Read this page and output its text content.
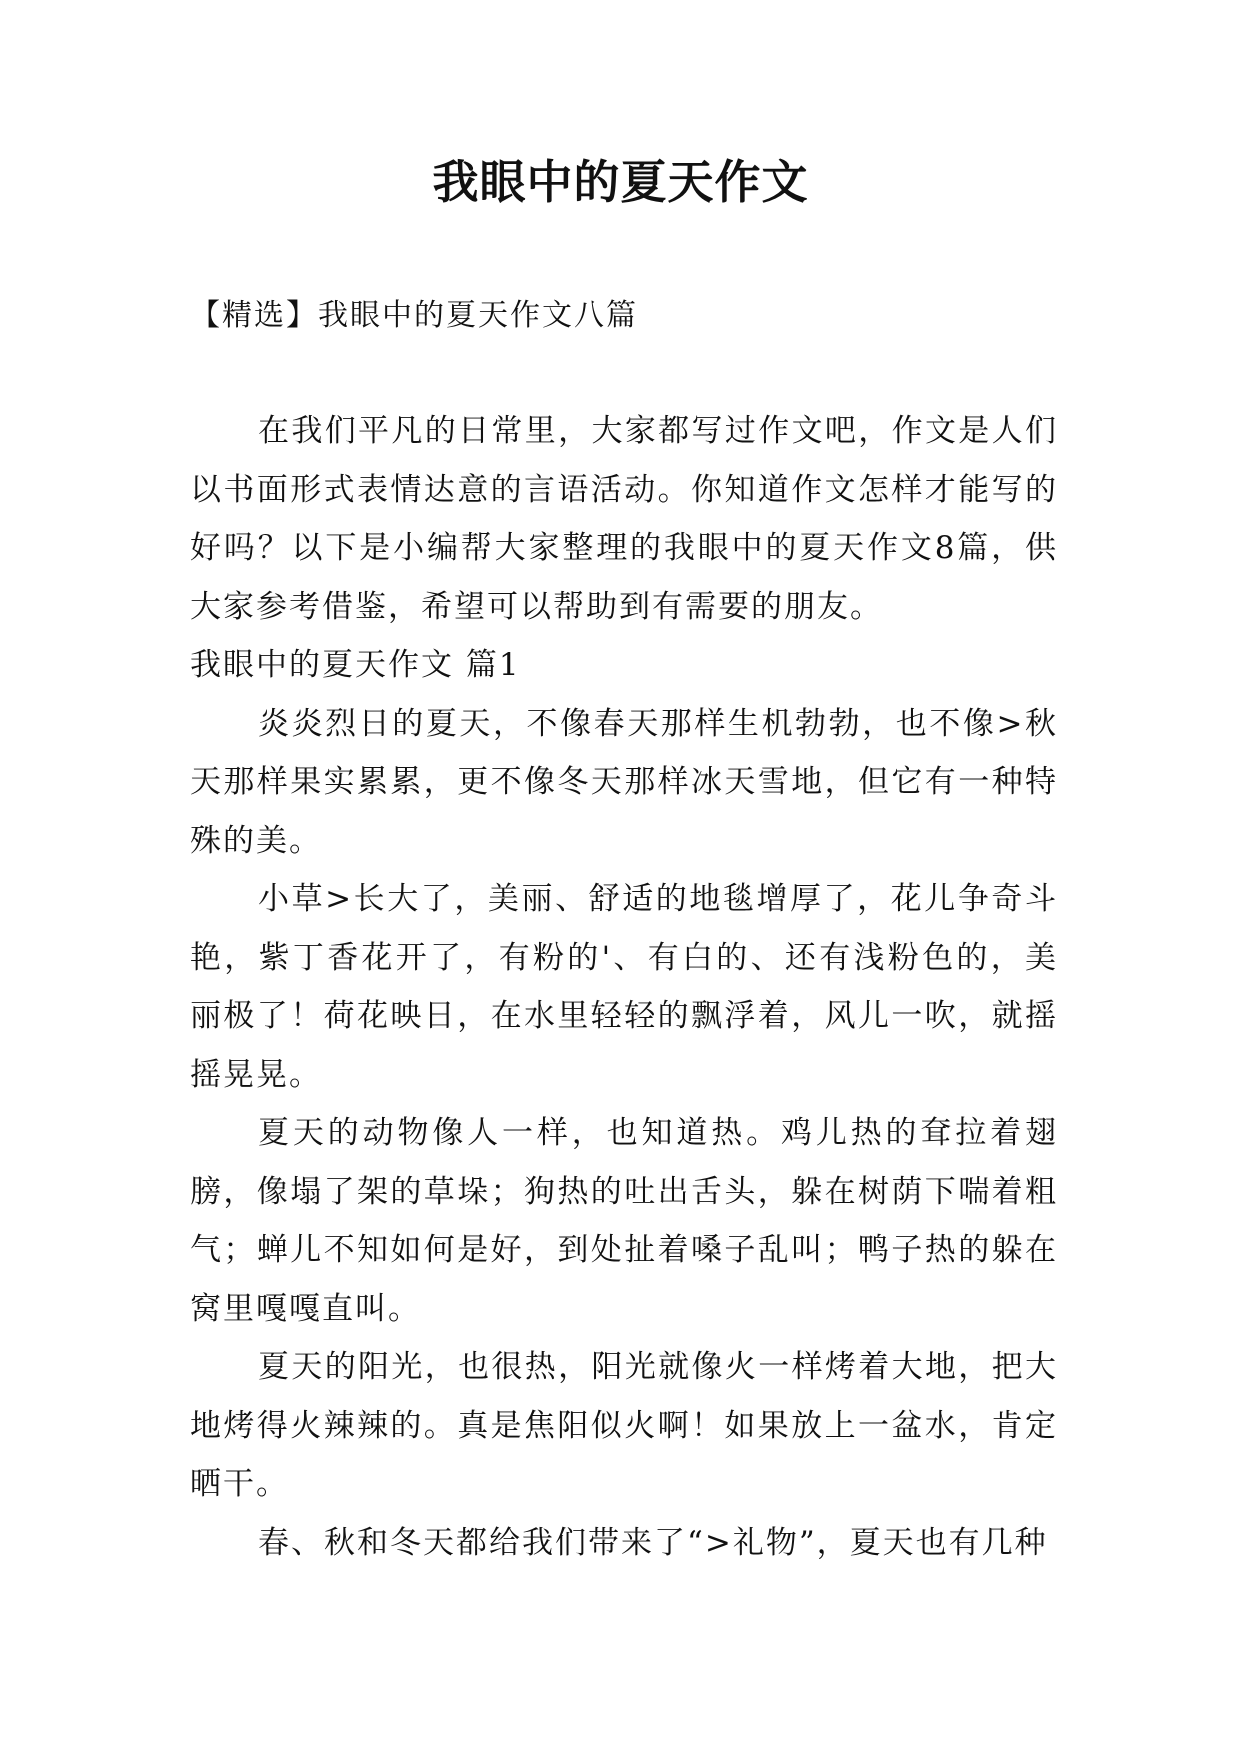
我眼中的夏天作文
【精选】我眼中的夏天作文八篇

在我们平凡的日常里，大家都写过作文吧，作文是人们以书面形式表情达意的言语活动。你知道作文怎样才能写的好吗？以下是小编帮大家整理的我眼中的夏天作文8篇，供大家参考借鉴，希望可以帮助到有需要的朋友。

我眼中的夏天作文 篇1

炎炎烈日的夏天，不像春天那样生机勃勃，也不像>秋天那样果实累累，更不像冬天那样冰天雪地，但它有一种特殊的美。

小草>长大了，美丽、舒适的地毯增厚了，花儿争奇斗艳，紫丁香花开了，有粉的'、有白的、还有浅粉色的，美丽极了！荷花映日，在水里轻轻的飘浮着，风儿一吹，就摇摇晃晃。

夏天的动物像人一样，也知道热。鸡儿热的耷拉着翅膀，像塌了架的草垛；狗热的吐出舌头，躲在树荫下喘着粗气；蝉儿不知如何是好，到处扯着嗓子乱叫；鸭子热的躲在窝里嘎嘎直叫。

夏天的阳光，也很热，阳光就像火一样烤着大地，把大地烤得火辣辣的。真是焦阳似火啊！如果放上一盆水，肯定晒干。

春、秋和冬天都给我们带来了“>礼物”，夏天也有几种
